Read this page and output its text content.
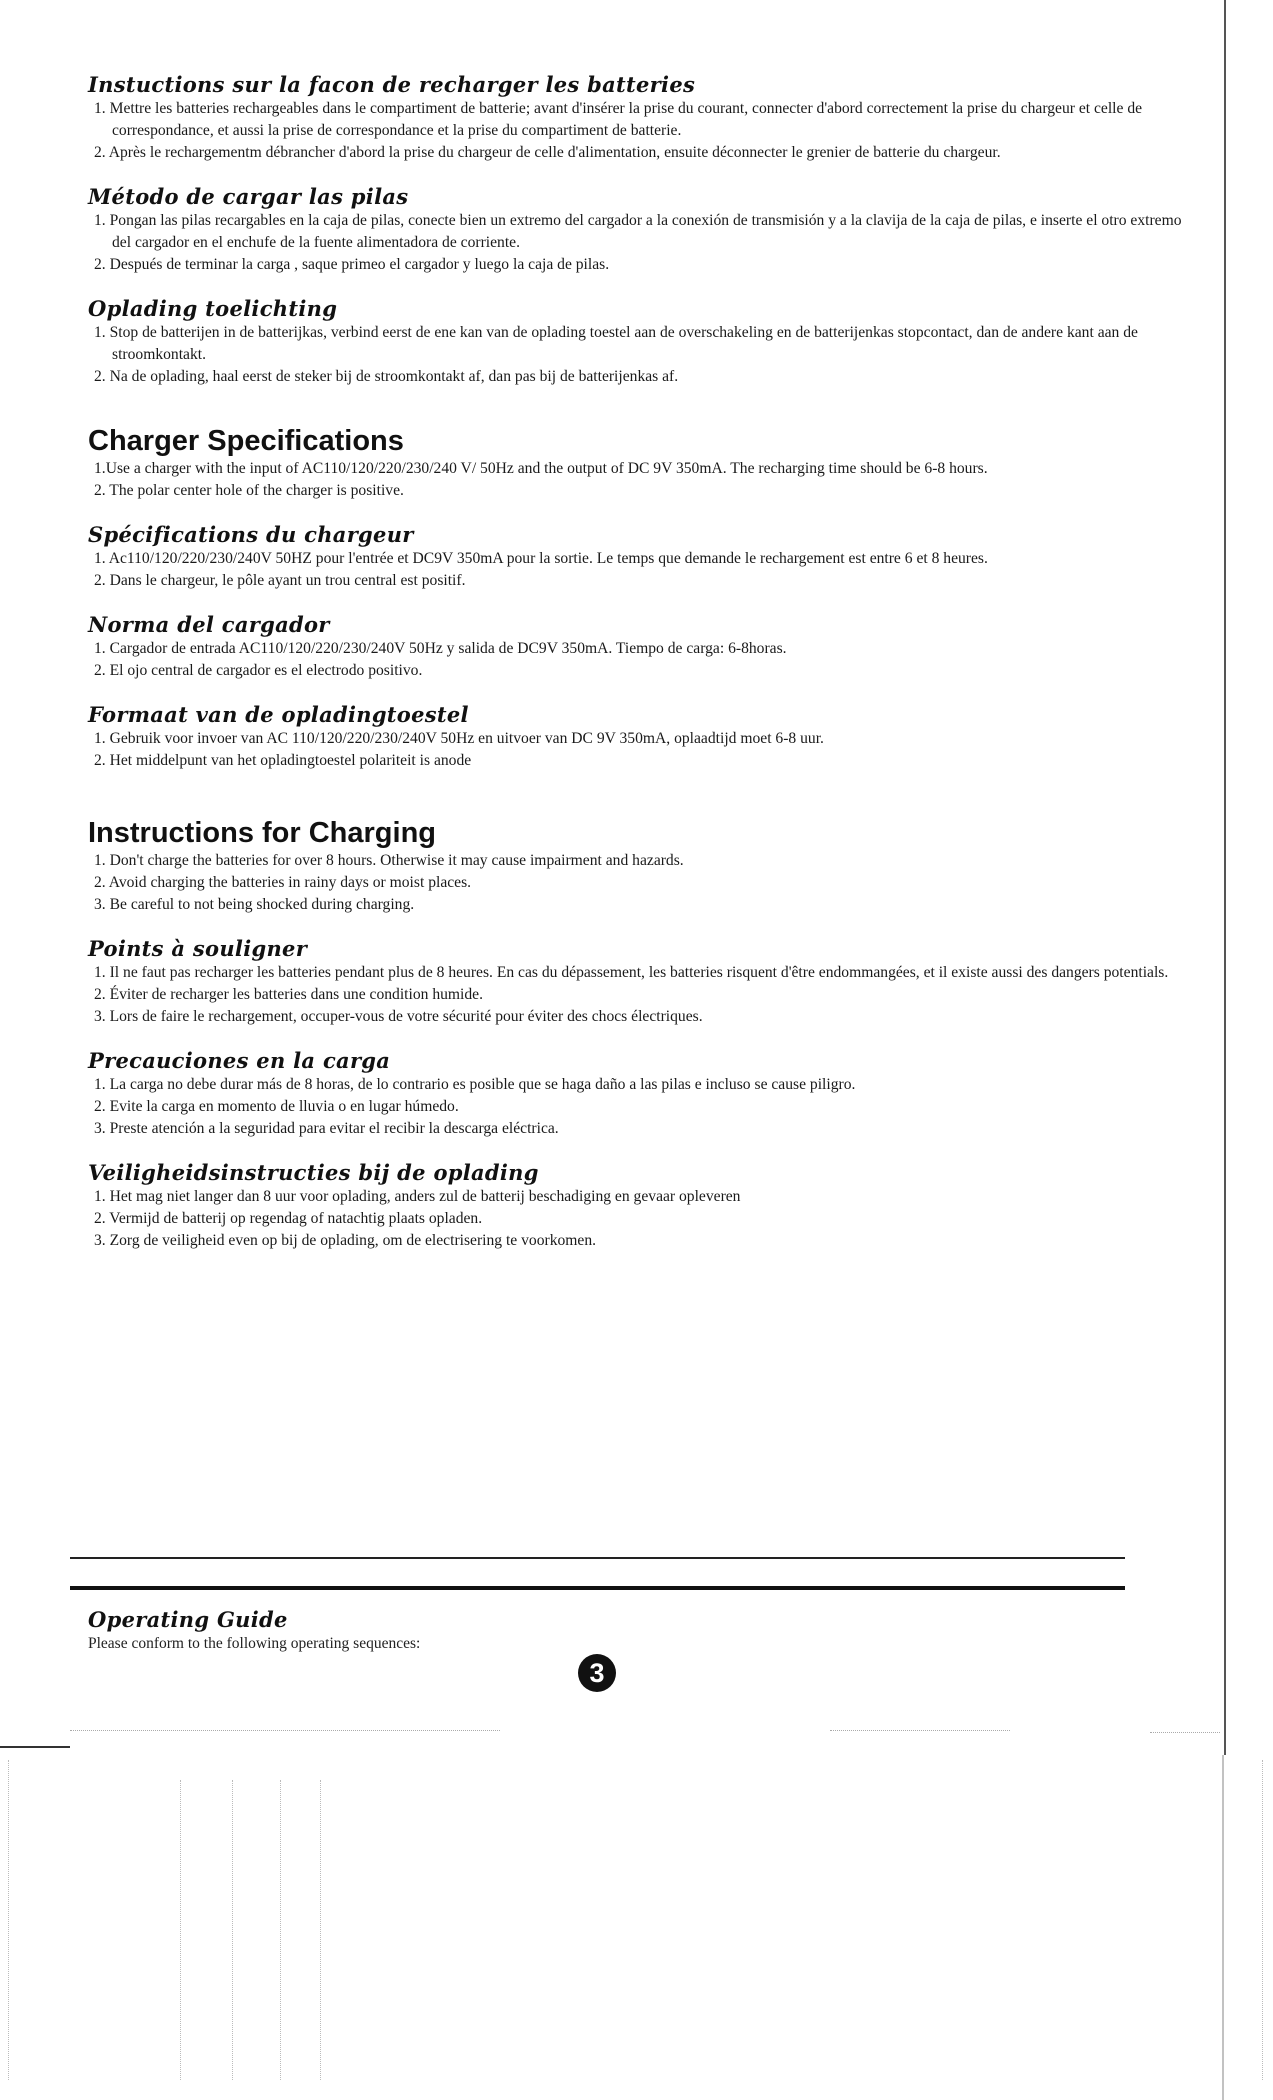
Instuctions sur la facon de recharger les batteries

1. Mettre les batteries rechargeables dans le compartiment de batterie; avant d'insérer la prise du courant, connecter d'abord correctement la prise du chargeur et celle de correspondance, et aussi la prise de correspondance et la prise du compartiment de batterie.

2. Après le rechargementm débrancher d'abord la prise du chargeur de celle d'alimentation, ensuite déconnecter le grenier de batterie du chargeur.

Método de cargar las pilas

1. Pongan las pilas recargables en la caja de pilas, conecte bien un extremo del cargador a la conexión de transmisión y a la clavija de la caja de pilas, e inserte el otro extremo del cargador en el enchufe de la fuente alimentadora de corriente.

2. Después de terminar la carga , saque primeo el cargador y luego la caja de pilas.

Oplading toelichting

1. Stop de batterijen in de batterijkas, verbind eerst de ene kan van de oplading toestel aan de overschakeling en de batterijenkas stopcontact, dan de andere kant aan de stroomkontakt.

2. Na de oplading, haal eerst de steker bij de stroomkontakt af, dan pas bij de batterijenkas af.

Charger Specifications

1.Use a charger with the input of AC110/120/220/230/240 V/ 50Hz and the output of DC 9V 350mA. The recharging time should be 6-8 hours.

2. The polar center hole of the charger is positive.

Spécifications du chargeur

1. Ac110/120/220/230/240V 50HZ pour l'entrée et DC9V 350mA pour la sortie. Le temps que demande le rechargement est entre 6 et 8 heures.

2. Dans le chargeur, le pôle ayant un trou central est positif.

Norma del cargador

1. Cargador de entrada AC110/120/220/230/240V 50Hz y salida de DC9V 350mA. Tiempo de carga: 6-8horas.

2. El ojo central de cargador es el electrodo positivo.

Formaat van de opladingtoestel

1. Gebruik voor invoer van AC 110/120/220/230/240V 50Hz en uitvoer van DC 9V 350mA, oplaadtijd moet 6-8 uur.

2. Het middelpunt van het opladingtoestel polariteit is anode

Instructions for Charging

1. Don't charge the batteries for over 8 hours. Otherwise it may cause impairment and hazards.

2. Avoid charging the batteries in rainy days or moist places.

3. Be careful to not being shocked during charging.

Points à souligner

1. Il ne faut pas recharger les batteries pendant plus de 8 heures. En cas du dépassement, les batteries risquent d'être endommangées, et il existe aussi des dangers potentials.

2. Éviter de recharger les batteries dans une condition humide.

3. Lors de faire le rechargement, occuper-vous de votre sécurité pour éviter des chocs électriques.

Precauciones en la carga

1. La carga no debe durar más de 8 horas, de lo contrario es posible que se haga daño a las pilas e incluso se cause piligro.

2. Evite la carga en momento de lluvia o en lugar húmedo.

3. Preste atención a la seguridad para evitar el recibir la descarga eléctrica.

Veiligheidsinstructies bij de oplading

1. Het mag niet langer dan 8 uur voor oplading, anders zul de batterij beschadiging en gevaar opleveren

2. Vermijd de batterij op regendag of natachtig plaats opladen.

3. Zorg de veiligheid even op bij de oplading, om de electrisering te voorkomen.

Operating Guide

Please conform to the following operating sequences:

3
